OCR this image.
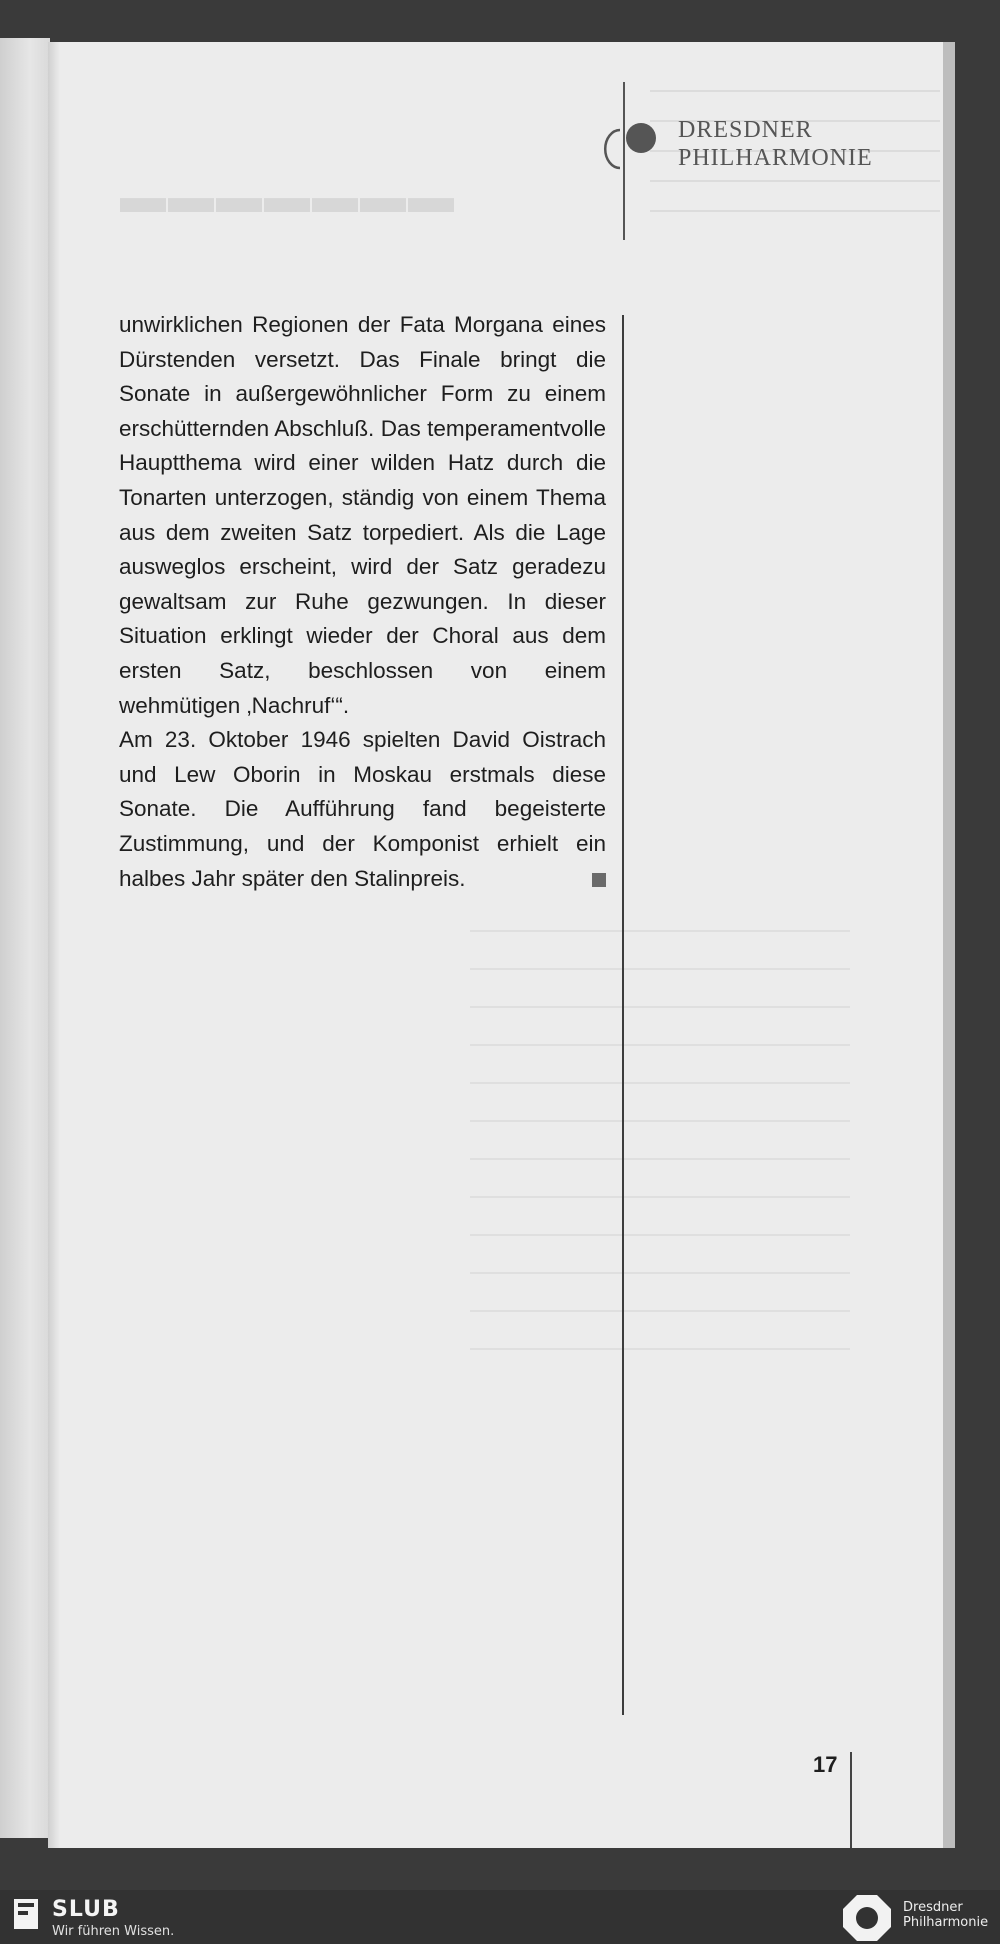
▬▬▬▬▬▬▬
DRESDNER
PHILHARMONIE

unwirklichen Regionen der Fata Morgana eines Dürstenden versetzt. Das Finale bringt die Sonate in außergewöhnlicher Form zu einem erschütternden Abschluß. Das temperamentvolle Hauptthema wird einer wilden Hatz durch die Tonarten unterzogen, ständig von einem Thema aus dem zweiten Satz torpediert. Als die Lage ausweglos erscheint, wird der Satz geradezu gewaltsam zur Ruhe gezwungen. In dieser Situation erklingt wieder der Choral aus dem ersten Satz, beschlossen von einem wehmütigen ‚Nachruf‘“.

Am 23. Oktober 1946 spielten David Oistrach und Lew Oborin in Moskau erstmals diese Sonate. Die Aufführung fand begeisterte Zustimmung, und der Komponist erhielt ein halbes Jahr später den Stalinpreis.

17
SLUB
Wir führen Wissen.
Dresdner
Philharmonie
